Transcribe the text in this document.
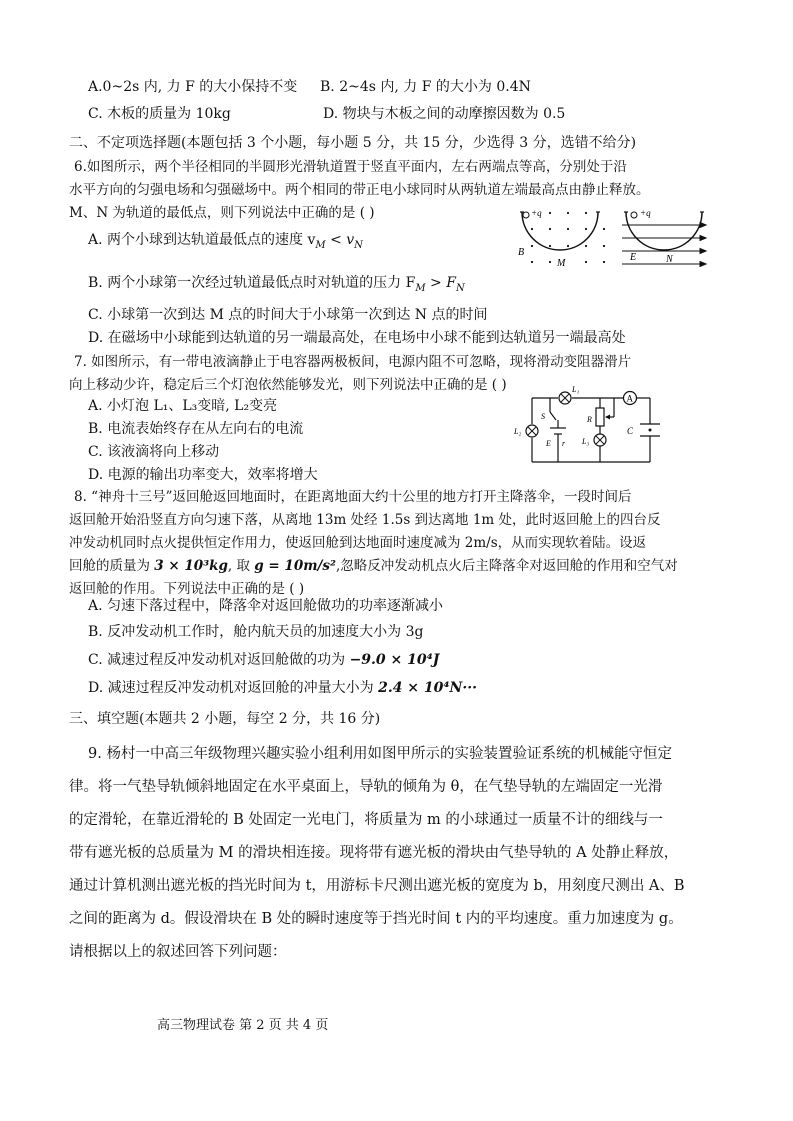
A.0~2s 内, 力 F 的大小保持不变 B. 2~4s 内, 力 F 的大小为 0.4N
C. 木板的质量为 10kg	D. 物块与木板之间的动摩擦因数为 0.5
二、不定项选择题(本题包括 3 个小题，每小题 5 分，共 15 分，少选得 3 分，选错不给分)
6.如图所示，两个半径相同的半圆形光滑轨道置于竖直平面内，左右两端点等高，分别处于沿
水平方向的匀强电场和匀强磁场中。两个相同的带正电小球同时从两轨道左端最高点由静止释放。
M、N 为轨道的最低点，则下列说法中正确的是 ( )
A. 两个小球到达轨道最低点的速度 $v_M < v_N$
+q
B
M
+q
E	N
B. 两个小球第一次经过轨道最低点时对轨道的压力 $F_M > F_N$
C. 小球第一次到达 M 点的时间大于小球第一次到达 N 点的时间
D. 在磁场中小球能到达轨道的另一端最高处，在电场中小球不能到达轨道另一端最高处
7. 如图所示，有一带电液滴静止于电容器两极板间，电源内阻不可忽略，现将滑动变阻器滑片
向上移动少许，稳定后三个灯泡依然能够发光，则下列说法中正确的是 ( )
A. 小灯泡 L₁、L₃变暗, L₂变亮
B. 电流表始终存在从左向右的电流
C. 该液滴将向上移动
D. 电源的输出功率变大，效率将增大
A
L₁
S	R
L₂
E r L₃
C
8. “神舟十三号”返回舱返回地面时，在距离地面大约十公里的地方打开主降落伞，一段时间后
返回舱开始沿竖直方向匀速下落，从离地 13m 处经 1.5s 到达离地 1m 处，此时返回舱上的四台反
冲发动机同时点火提供恒定作用力，使返回舱到达地面时速度减为 2m/s，从而实现软着陆。设返
回舱的质量为 3 × 10³kg, 取 g = 10m/s²,忽略反冲发动机点火后主降落伞对返回舱的作用和空气对
返回舱的作用。下列说法中正确的是 ( )
A. 匀速下落过程中，降落伞对返回舱做功的功率逐渐减小
B. 反冲发动机工作时，舱内航天员的加速度大小为 3g
C. 减速过程反冲发动机对返回舱做的功为 −9.0 × 10⁴J
D. 减速过程反冲发动机对返回舱的冲量大小为 2.4 × 10⁴N···
三、填空题(本题共 2 小题，每空 2 分，共 16 分)
9. 杨村一中高三年级物理兴趣实验小组利用如图甲所示的实验装置验证系统的机械能守恒定
律。将一气垫导轨倾斜地固定在水平桌面上，导轨的倾角为 θ，在气垫导轨的左端固定一光滑
的定滑轮，在靠近滑轮的 B 处固定一光电门，将质量为 m 的小球通过一质量不计的细线与一
带有遮光板的总质量为 M 的滑块相连接。现将带有遮光板的滑块由气垫导轨的 A 处静止释放，
通过计算机测出遮光板的挡光时间为 t，用游标卡尺测出遮光板的宽度为 b，用刻度尺测出 A、B
之间的距离为 d。假设滑块在 B 处的瞬时速度等于挡光时间 t 内的平均速度。重力加速度为 g。
请根据以上的叙述回答下列问题：
高三物理试卷 第 2 页 共 4 页
